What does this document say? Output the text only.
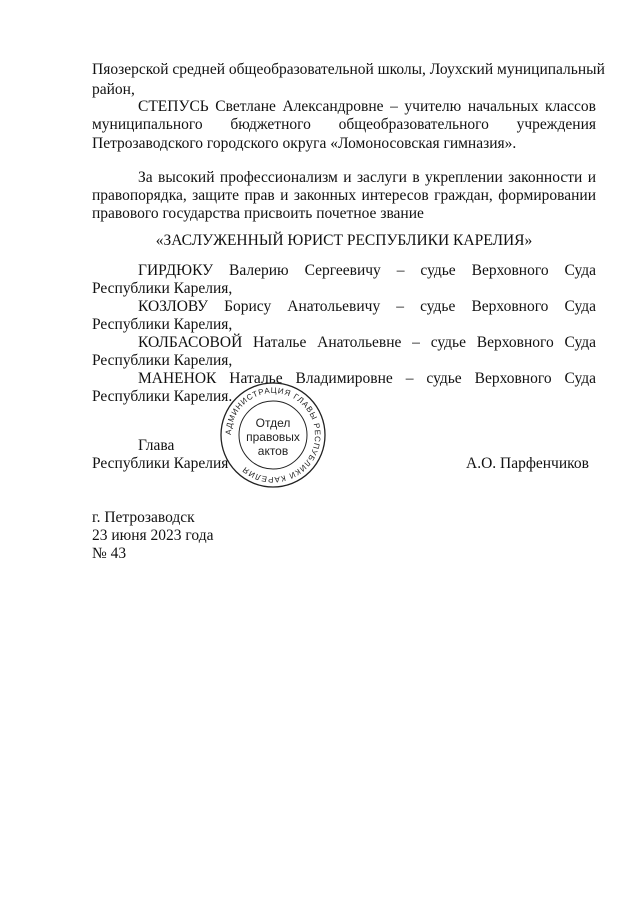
Пяозерской средней общеобразовательной школы, Лоухский муниципальный
район,
СТЕПУСЬ Светлане Александровне – учителю начальных классов
муниципального бюджетного общеобразовательного учреждения
Петрозаводского городского округа «Ломоносовская гимназия».
За высокий профессионализм и заслуги в укреплении законности и
правопорядка, защите прав и законных интересов граждан, формировании
правового государства присвоить почетное звание
«ЗАСЛУЖЕННЫЙ ЮРИСТ РЕСПУБЛИКИ КАРЕЛИЯ»
ГИРДЮКУ Валерию Сергеевичу – судье Верховного Суда
Республики Карелия,
КОЗЛОВУ Борису Анатольевичу – судье Верховного Суда
Республики Карелия,
КОЛБАСОВОЙ Наталье Анатольевне – судье Верховного Суда
Республики Карелия,
МАНЕНОК Наталье Владимировне – судье Верховного Суда
Республики Карелия.
Глава
Республики Карелия	А.О. Парфенчиков
АДМИНИСТРАЦИЯ ГЛАВЫ РЕСПУБЛИКИ КАРЕЛИЯ
Отдел
правовых
актов
г. Петрозаводск
23 июня 2023 года
№ 43
